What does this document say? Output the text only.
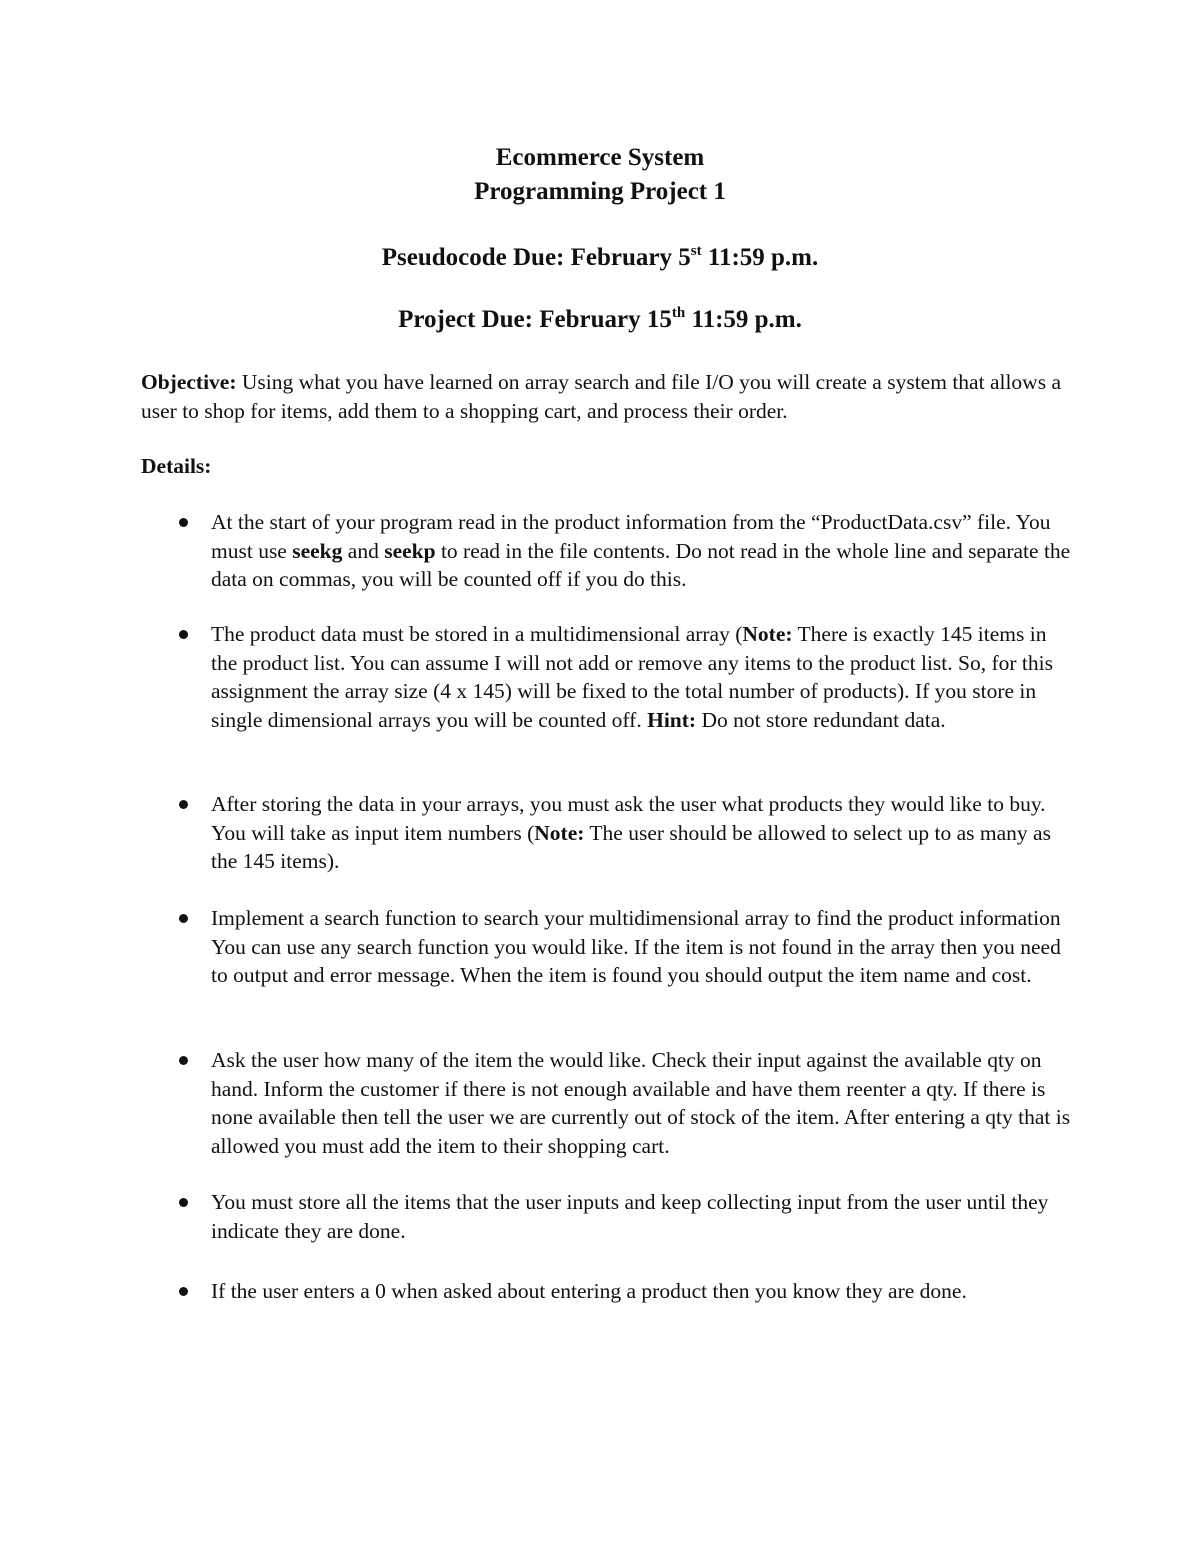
Ecommerce System
Programming Project 1
Pseudocode Due: February 5st 11:59 p.m.
Project Due: February 15th 11:59 p.m.
Objective: Using what you have learned on array search and file I/O you will create a system that allows a user to shop for items, add them to a shopping cart, and process their order.
Details:
At the start of your program read in the product information from the “ProductData.csv” file. You must use seekg and seekp to read in the file contents. Do not read in the whole line and separate the data on commas, you will be counted off if you do this.
The product data must be stored in a multidimensional array (Note: There is exactly 145 items in the product list. You can assume I will not add or remove any items to the product list. So, for this assignment the array size (4 x 145) will be fixed to the total number of products). If you store in single dimensional arrays you will be counted off. Hint: Do not store redundant data.
After storing the data in your arrays, you must ask the user what products they would like to buy. You will take as input item numbers (Note: The user should be allowed to select up to as many as the 145 items).
Implement a search function to search your multidimensional array to find the product information You can use any search function you would like. If the item is not found in the array then you need to output and error message. When the item is found you should output the item name and cost.
Ask the user how many of the item the would like. Check their input against the available qty on hand. Inform the customer if there is not enough available and have them reenter a qty. If there is none available then tell the user we are currently out of stock of the item. After entering a qty that is allowed you must add the item to their shopping cart.
You must store all the items that the user inputs and keep collecting input from the user until they indicate they are done.
If the user enters a 0 when asked about entering a product then you know they are done.
